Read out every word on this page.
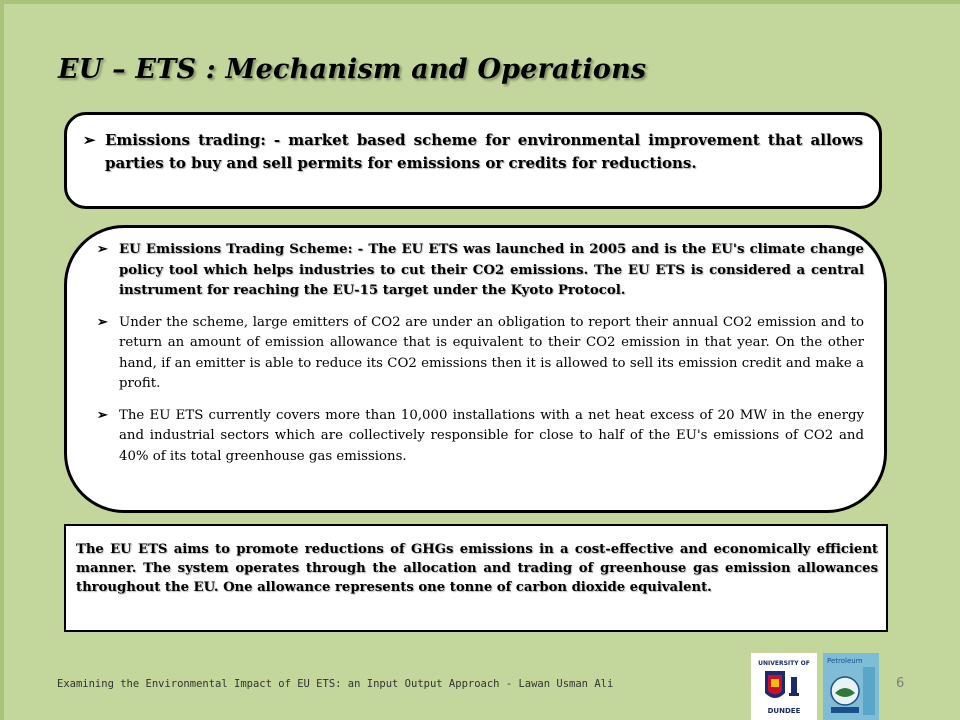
EU – ETS : Mechanism and Operations
➢ Emissions trading: - market based scheme for environmental improvement that allows parties to buy and sell permits for emissions or credits for reductions.
➢ EU Emissions Trading Scheme: - The EU ETS was launched in 2005 and is the EU's climate change policy tool which helps industries to cut their CO2 emissions. The EU ETS is considered a central instrument for reaching the EU-15 target under the Kyoto Protocol.
➢ Under the scheme, large emitters of CO2 are under an obligation to report their annual CO2 emission and to return an amount of emission allowance that is equivalent to their CO2 emission in that year. On the other hand, if an emitter is able to reduce its CO2 emissions then it is allowed to sell its emission credit and make a profit.
➢ The EU ETS currently covers more than 10,000 installations with a net heat excess of 20 MW in the energy and industrial sectors which are collectively responsible for close to half of the EU's emissions of CO2 and 40% of its total greenhouse gas emissions.

The EU ETS aims to promote reductions of GHGs emissions in a cost-effective and economically efficient manner. The system operates through the allocation and trading of greenhouse gas emission allowances throughout the EU. One allowance represents one tonne of carbon dioxide equivalent.

Examining the Environmental Impact of EU ETS: an Input Output Approach - Lawan Usman Ali
UNIVERSITY OF
DUNDEE
Petroleum
6
